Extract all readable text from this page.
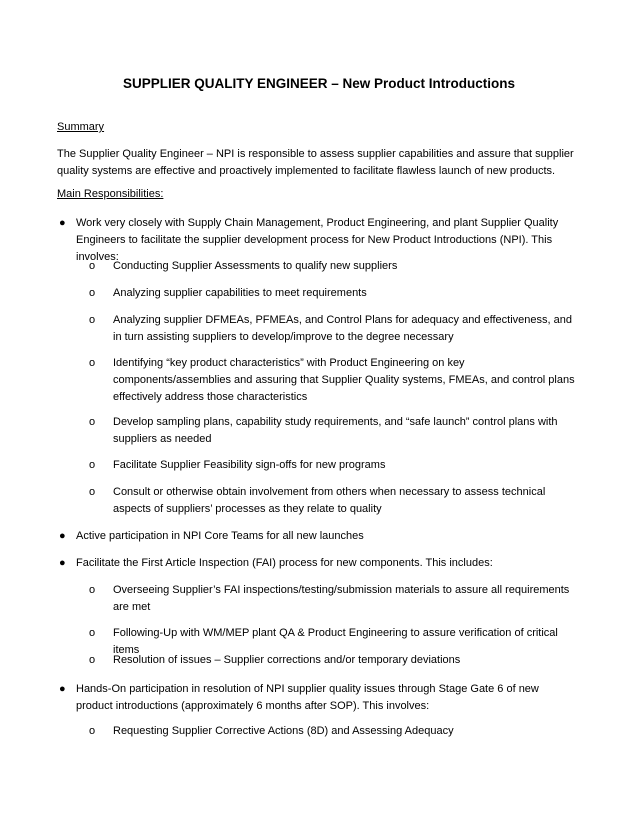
SUPPLIER QUALITY ENGINEER – New Product Introductions
Summary
The Supplier Quality Engineer – NPI is responsible to assess supplier capabilities and assure that supplier quality systems are effective and proactively implemented to facilitate flawless launch of new products.
Main Responsibilities:
● Work very closely with Supply Chain Management, Product Engineering, and plant Supplier Quality Engineers to facilitate the supplier development process for New Product Introductions (NPI). This involves:
o Conducting Supplier Assessments to qualify new suppliers
o Analyzing supplier capabilities to meet requirements
o Analyzing supplier DFMEAs, PFMEAs, and Control Plans for adequacy and effectiveness, and in turn assisting suppliers to develop/improve to the degree necessary
o Identifying “key product characteristics” with Product Engineering on key components/assemblies and assuring that Supplier Quality systems, FMEAs, and control plans effectively address those characteristics
o Develop sampling plans, capability study requirements, and “safe launch” control plans with suppliers as needed
o Facilitate Supplier Feasibility sign-offs for new programs
o Consult or otherwise obtain involvement from others when necessary to assess technical aspects of suppliers’ processes as they relate to quality
● Active participation in NPI Core Teams for all new launches
● Facilitate the First Article Inspection (FAI) process for new components. This includes:
o Overseeing Supplier’s FAI inspections/testing/submission materials to assure all requirements are met
o Following-Up with WM/MEP plant QA & Product Engineering to assure verification of critical items
o Resolution of issues – Supplier corrections and/or temporary deviations
● Hands-On participation in resolution of NPI supplier quality issues through Stage Gate 6 of new product introductions (approximately 6 months after SOP). This involves:
o Requesting Supplier Corrective Actions (8D) and Assessing Adequacy
